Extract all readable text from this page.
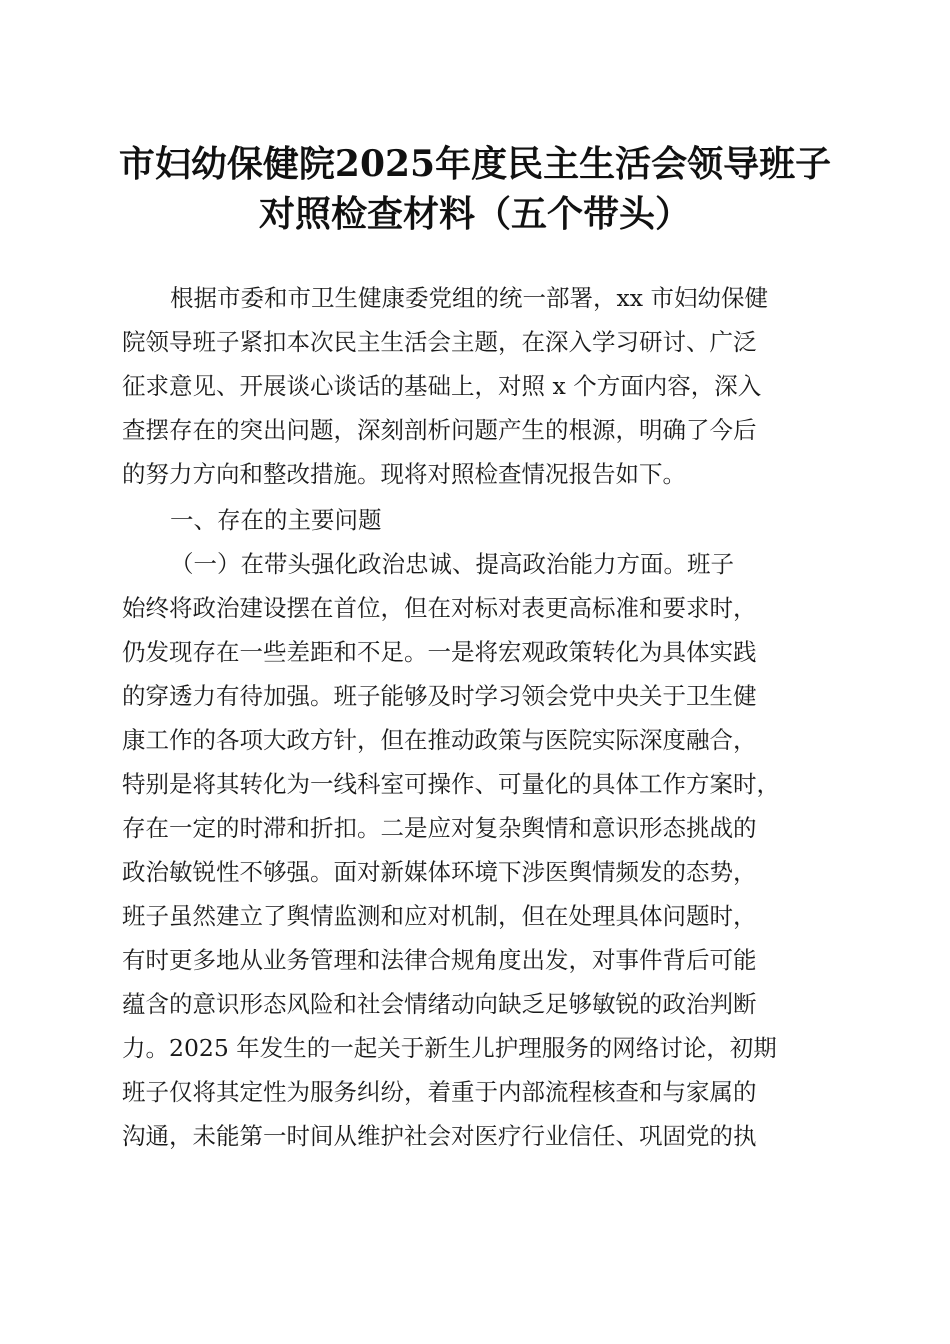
市妇幼保健院2025年度民主生活会领导班子
对照检查材料（五个带头）
根据市委和市卫生健康委党组的统一部署，xx 市妇幼保健
院领导班子紧扣本次民主生活会主题，在深入学习研讨、广泛
征求意见、开展谈心谈话的基础上，对照 x 个方面内容，深入
查摆存在的突出问题，深刻剖析问题产生的根源，明确了今后
的努力方向和整改措施。现将对照检查情况报告如下。
一、存在的主要问题
（一）在带头强化政治忠诚、提高政治能力方面。班子
始终将政治建设摆在首位，但在对标对表更高标准和要求时，
仍发现存在一些差距和不足。一是将宏观政策转化为具体实践
的穿透力有待加强。班子能够及时学习领会党中央关于卫生健
康工作的各项大政方针，但在推动政策与医院实际深度融合，
特别是将其转化为一线科室可操作、可量化的具体工作方案时，
存在一定的时滞和折扣。二是应对复杂舆情和意识形态挑战的
政治敏锐性不够强。面对新媒体环境下涉医舆情频发的态势，
班子虽然建立了舆情监测和应对机制，但在处理具体问题时，
有时更多地从业务管理和法律合规角度出发，对事件背后可能
蕴含的意识形态风险和社会情绪动向缺乏足够敏锐的政治判断
力。2025 年发生的一起关于新生儿护理服务的网络讨论，初期
班子仅将其定性为服务纠纷，着重于内部流程核查和与家属的
沟通，未能第一时间从维护社会对医疗行业信任、巩固党的执
